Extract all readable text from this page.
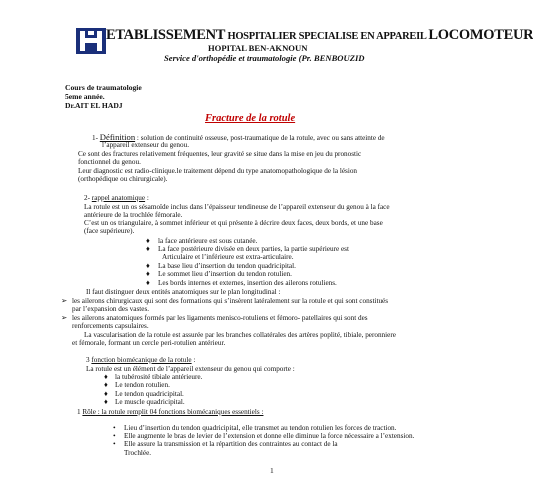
ETABLISSEMENT HOSPITALIER SPECIALISE EN APPAREIL LOCOMOTEUR
HOPITAL BEN-AKNOUN
Service d'orthopédie et traumatologie (Pr. BENBOUZID
Cours de traumatologie
5eme année.
Dr.AIT EL HADJ
Fracture de la rotule
1- Définition : solution de continuité osseuse, post-traumatique de la rotule, avec ou sans atteinte de
l’appareil extenseur du genou.
Ce sont des fractures relativement fréquentes, leur gravité se situe dans la mise en jeu du pronostic
fonctionnel du genou.
Leur diagnostic est radio-clinique.le traitement dépend du type anatomopathologique de la lésion
(orthopédique ou chirurgicale).
2- rappel anatomique :
La rotule est un os sésamoïde inclus dans l’épaisseur tendineuse de l’appareil extenseur du genou à la face
antérieure de la trochlée fémorale.
C’est un os triangulaire, à sommet inférieur et qui présente à décrire deux faces, deux bords, et une base
(face supérieure).
♦ la face antérieure est sous cutanée.
♦ La face postérieure divisée en deux parties, la partie supérieure est
Articulaire et l’inférieure est extra-articulaire.
♦ La base lieu d’insertion du tendon quadricipital.
♦ Le sommet lieu d’insertion du tendon rotulien.
♦ Les bords internes et externes, insertion des ailerons rotuliens.
Il faut distinguer deux entités anatomiques sur le plan longitudinal :
➢ les ailerons chirurgicaux qui sont des formations qui s’insèrent latéralement sur la rotule et qui sont constitués
par l’expansion des vastes.
➢ les ailerons anatomiques formés par les ligaments menisco-rotuliens et fémoro- patellaires qui sont des
renforcements capsulaires.
La vascularisation de la rotule est assurée par les branches collatérales des artères poplité, tibiale, peronniere
et fémorale, formant un cercle peri-rotulien antérieur.
3 fonction biomécanique de la rotule :
La rotule est un élément de l’appareil extenseur du genou qui comporte :
♦ la tubérosité tibiale antérieure.
♦ Le tendon rotulien.
♦ Le tendon quadricipital.
♦ Le muscle quadricipital.
1 Rôle : la rotule remplit 04 fonctions biomécaniques essentiels :
• Lieu d’insertion du tendon quadricipital, elle transmet au tendon rotulien les forces de traction.
• Elle augmente le bras de levier de l’extension et donne elle diminue la force nécessaire a l’extension.
• Elle assure la transmission et la répartition des contraintes au contact de la
Trochlée.
1
